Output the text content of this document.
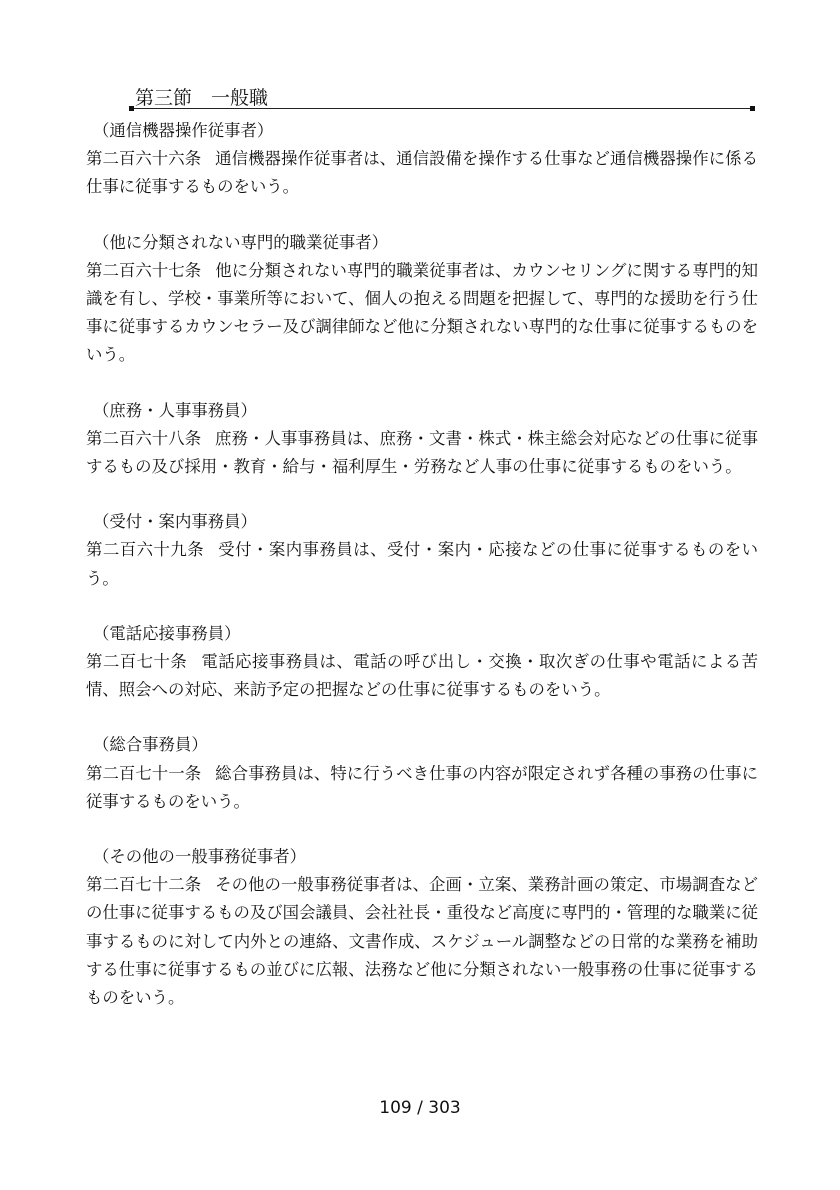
第三節　一般職
（通信機器操作従事者）
第二百六十六条 通信機器操作従事者は、通信設備を操作する仕事など通信機器操作に係る仕事に従事するものをいう。
（他に分類されない専門的職業従事者）
第二百六十七条 他に分類されない専門的職業従事者は、カウンセリングに関する専門的知識を有し、学校・事業所等において、個人の抱える問題を把握して、専門的な援助を行う仕事に従事するカウンセラー及び調律師など他に分類されない専門的な仕事に従事するものをいう。
（庶務・人事事務員）
第二百六十八条 庶務・人事事務員は、庶務・文書・株式・株主総会対応などの仕事に従事するもの及び採用・教育・給与・福利厚生・労務など人事の仕事に従事するものをいう。
（受付・案内事務員）
第二百六十九条 受付・案内事務員は、受付・案内・応接などの仕事に従事するものをいう。
（電話応接事務員）
第二百七十条 電話応接事務員は、電話の呼び出し・交換・取次ぎの仕事や電話による苦情、照会への対応、来訪予定の把握などの仕事に従事するものをいう。
（総合事務員）
第二百七十一条 総合事務員は、特に行うべき仕事の内容が限定されず各種の事務の仕事に従事するものをいう。
（その他の一般事務従事者）
第二百七十二条 その他の一般事務従事者は、企画・立案、業務計画の策定、市場調査などの仕事に従事するもの及び国会議員、会社社長・重役など高度に専門的・管理的な職業に従事するものに対して内外との連絡、文書作成、スケジュール調整などの日常的な業務を補助する仕事に従事するもの並びに広報、法務など他に分類されない一般事務の仕事に従事するものをいう。
109 / 303
